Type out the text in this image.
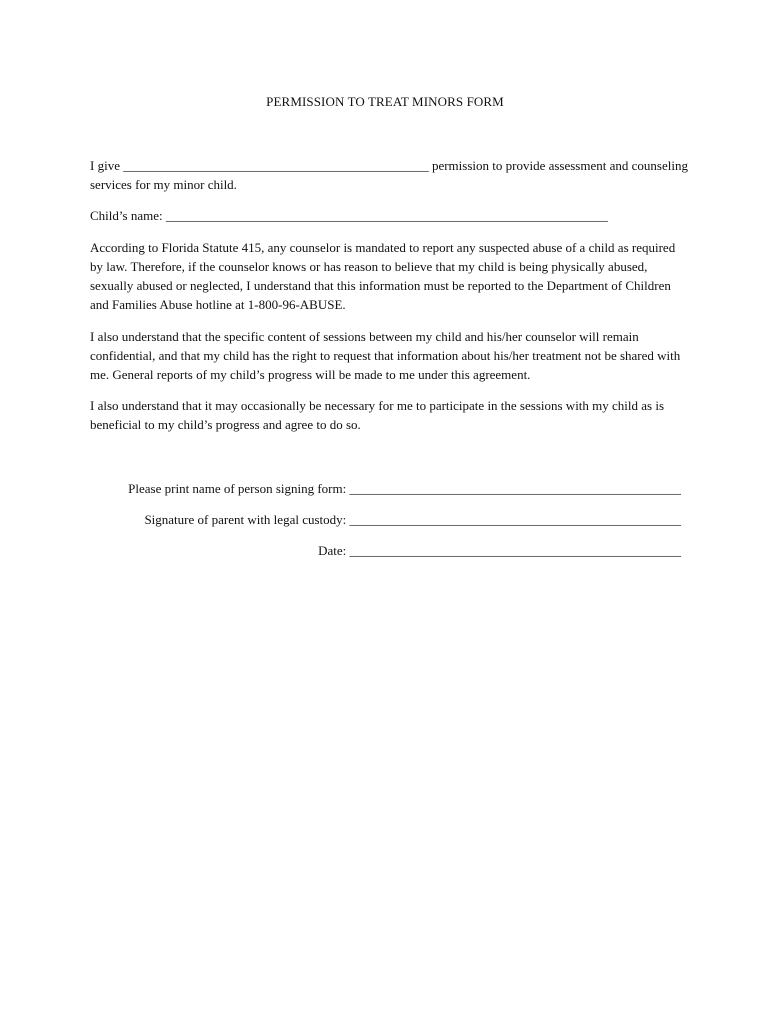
PERMISSION TO TREAT MINORS FORM

I give _______________________________________________ permission to provide assessment and counseling services for my minor child.

Child’s name: ____________________________________________________________________

According to Florida Statute 415, any counselor is mandated to report any suspected abuse of a child as required by law. Therefore, if the counselor knows or has reason to believe that my child is being physically abused, sexually abused or neglected, I understand that this information must be reported to the Department of Children and Families Abuse hotline at 1-800-96-ABUSE.

I also understand that the specific content of sessions between my child and his/her counselor will remain confidential, and that my child has the right to request that information about his/her treatment not be shared with me. General reports of my child’s progress will be made to me under this agreement.

I also understand that it may occasionally be necessary for me to participate in the sessions with my child as is beneficial to my child’s progress and agree to do so.

Please print name of person signing form: ___________________________________________________
Signature of parent with legal custody: ___________________________________________________
Date: ___________________________________________________
